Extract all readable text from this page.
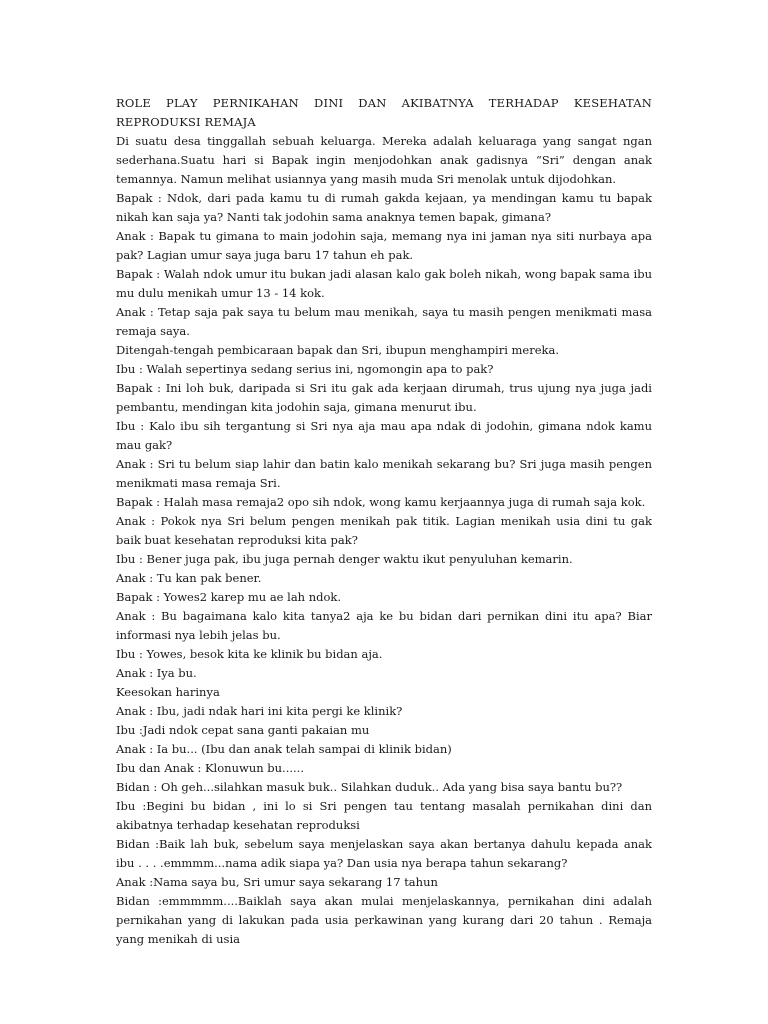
ROLE PLAY PERNIKAHAN DINI DAN AKIBATNYA TERHADAP KESEHATAN REPRODUKSI REMAJA

Di suatu desa tinggallah sebuah keluarga. Mereka adalah keluaraga yang sangat ngan sederhana.Suatu hari si Bapak ingin menjodohkan anak gadisnya “Sri” dengan anak temannya. Namun melihat usiannya yang masih muda Sri menolak untuk dijodohkan.

Bapak : Ndok, dari pada kamu tu di rumah gakda kejaan, ya mendingan kamu tu bapak nikah kan saja ya? Nanti tak jodohin sama anaknya temen bapak, gimana?

Anak : Bapak tu gimana to main jodohin saja, memang nya ini jaman nya siti nurbaya apa pak? Lagian umur saya juga baru 17 tahun eh pak.

Bapak : Walah ndok umur itu bukan jadi alasan kalo gak boleh nikah, wong bapak sama ibu mu dulu menikah umur 13 - 14 kok.

Anak : Tetap saja pak saya tu belum mau menikah, saya tu masih pengen menikmati masa remaja saya.

Ditengah-tengah pembicaraan bapak dan Sri, ibupun menghampiri mereka.

Ibu : Walah sepertinya sedang serius ini, ngomongin apa to pak?

Bapak : Ini loh buk, daripada si Sri itu gak ada kerjaan dirumah, trus ujung nya juga jadi pembantu, mendingan kita jodohin saja, gimana menurut ibu.

Ibu : Kalo ibu sih tergantung si Sri nya aja mau apa ndak di jodohin, gimana ndok kamu mau gak?

Anak : Sri tu belum siap lahir dan batin kalo menikah sekarang bu? Sri juga masih pengen menikmati masa remaja Sri.

Bapak : Halah masa remaja2 opo sih ndok, wong kamu kerjaannya juga di rumah saja kok.

Anak : Pokok nya Sri belum pengen menikah pak titik. Lagian menikah usia dini tu gak baik buat kesehatan reproduksi kita pak?

Ibu : Bener juga pak, ibu juga pernah denger waktu ikut penyuluhan kemarin.

Anak : Tu kan pak bener.

Bapak : Yowes2 karep mu ae lah ndok.

Anak : Bu bagaimana kalo kita tanya2 aja ke bu bidan dari pernikan dini itu apa? Biar informasi nya lebih jelas bu.

Ibu : Yowes, besok kita ke klinik bu bidan aja.

Anak : Iya bu.

Keesokan harinya

Anak : Ibu, jadi ndak hari ini kita pergi ke klinik?

Ibu :Jadi ndok cepat sana ganti pakaian mu

Anak : Ia bu... (Ibu dan anak telah sampai di klinik bidan)

Ibu dan Anak : Klonuwun bu......

Bidan : Oh geh...silahkan masuk buk.. Silahkan duduk.. Ada yang bisa saya bantu bu??

Ibu :Begini bu bidan , ini lo si Sri pengen tau tentang masalah pernikahan dini dan akibatnya terhadap kesehatan reproduksi

Bidan :Baik lah buk, sebelum saya menjelaskan saya akan bertanya dahulu kepada anak ibu . . . .emmmm...nama adik siapa ya? Dan usia nya berapa tahun sekarang?

Anak :Nama saya bu, Sri umur saya sekarang 17 tahun

Bidan :emmmmm....Baiklah saya akan mulai menjelaskannya, pernikahan dini adalah pernikahan yang di lakukan pada usia perkawinan yang kurang dari 20 tahun . Remaja yang menikah di usia
